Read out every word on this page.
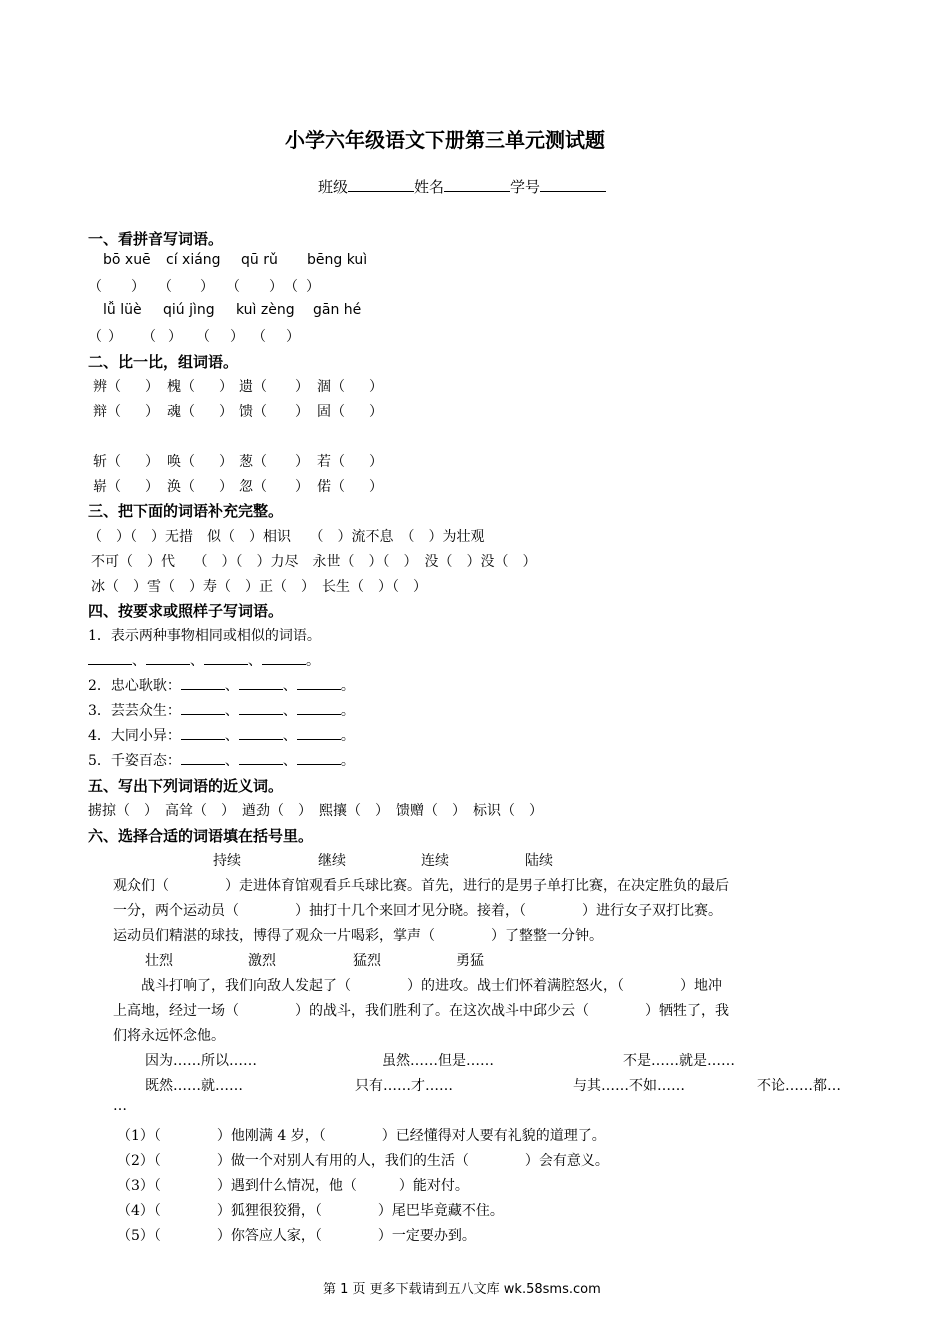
小学六年级语文下册第三单元测试题
班级	姓名	学号
一、看拼音写词语。
bō xuē cí xiáng qū rǔ bēng kuì
（ ） （ ） （ ） （ ）
lǚ lüè qiú jìng kuì zèng gān hé
（ ） （ ） （ ） （ ）
二、比一比，组词语。
辨（ ） 槐（ ） 遗（ ） 涸（ ）
辩（ ） 魂（ ） 馈（ ） 固（ ）
斩（ ） 唤（ ） 葱（ ） 若（ ）
崭（ ） 涣（ ） 忽（ ） 偌（ ）
三、把下面的词语补充完整。
（　）（　）无措　似（　）相识　 （　）流不息　（　）为壮观
不可（　）代　 （　）（　）力尽　永世（　）（　）　没（　）没（　）
冰（　）雪（　）寿（　）正（　）　长生（　）（　）
四、按要求或照样子写词语。
1．表示两种事物相同或相似的词语。
、	、	、	。
2．忠心耿耿：	、	、	。
3．芸芸众生：	、	、	。
4．大同小异：	、	、	。
5．千姿百态：	、	、	。
五、写出下列词语的近义词。
掳掠（　）　高耸（　）　遒劲（　）　熙攘（　）　馈赠（　）　标识（　）
六、选择合适的词语填在括号里。
持续	继续	连续	陆续
观众们（　　　　）走进体育馆观看乒乓球比赛。首先，进行的是男子单打比赛，在决定胜负的最后
一分，两个运动员（　　　　）抽打十几个来回才见分晓。接着，（　　　　）进行女子双打比赛。
运动员们精湛的球技，博得了观众一片喝彩，掌声（　　　　）了整整一分钟。
壮烈	激烈	猛烈	勇猛
战斗打响了，我们向敌人发起了（　　　　）的进攻。战士们怀着满腔怒火，（　　　　）地冲
上高地，经过一场（　　　　）的战斗，我们胜利了。在这次战斗中邱少云（　　　　）牺牲了，我
们将永远怀念他。
因为……所以……	虽然……但是……	不是……就是……
既然……就……	只有……才……	与其……不如……	不论……都…
…
（1）（　　　　）他刚满 4 岁，（　　　　）已经懂得对人要有礼貌的道理了。
（2）（　　　　）做一个对别人有用的人，我们的生活（　　　　）会有意义。
（3）（　　　　）遇到什么情况，他（　　　）能对付。
（4）（　　　　）狐狸很狡猾，（　　　　）尾巴毕竟藏不住。
（5）（　　　　）你答应人家，（　　　　）一定要办到。
第 1 页 更多下载请到五八文库 wk.58sms.com
